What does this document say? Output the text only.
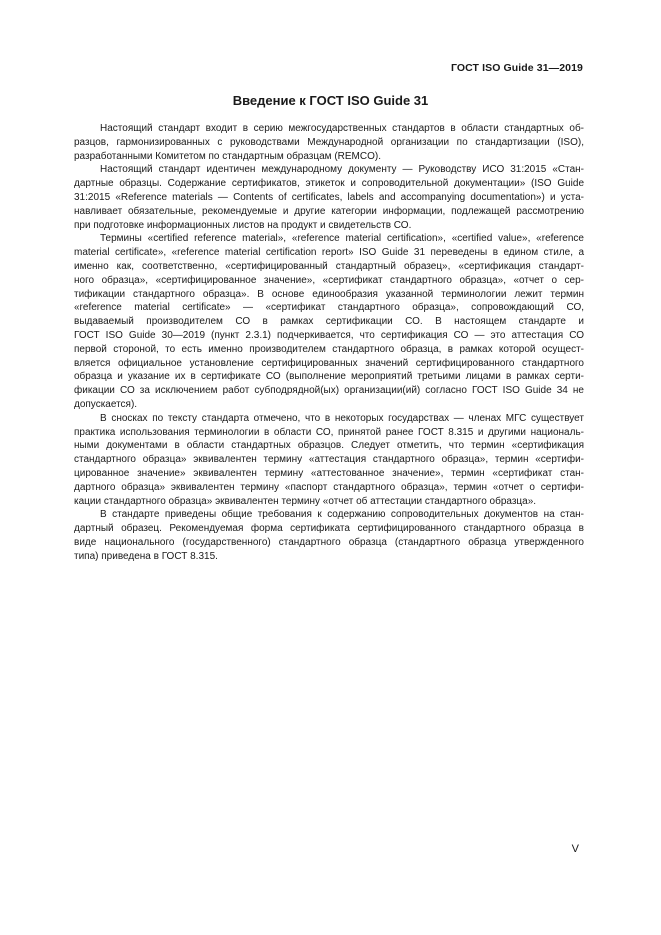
ГОСТ ISO Guide 31—2019
Введение к ГОСТ ISO Guide 31

Настоящий стандарт входит в серию межгосударственных стандартов в области стандартных об-
разцов, гармонизированных с руководствами Международной организации по стандартизации (ISO),
разработанными Комитетом по стандартным образцам (REMCO).

Настоящий стандарт идентичен международному документу — Руководству ИСО 31:2015 «Стан-
дартные образцы. Содержание сертификатов, этикеток и сопроводительной документации» (ISO Guide
31:2015 «Reference materials — Contents of certificates, labels and accompanying documentation») и уста-
навливает обязательные, рекомендуемые и другие категории информации, подлежащей рассмотрению
при подготовке информационных листов на продукт и свидетельств СО.

Термины «certified reference material», «reference material certification», «certified value», «reference
material certificate», «reference material certification report» ISO Guide 31 переведены в едином стиле, а
именно как, соответственно, «сертифицированный стандартный образец», «сертификация стандарт-
ного образца», «сертифицированное значение», «сертификат стандартного образца», «отчет о сер-
тификации стандартного образца». В основе единообразия указанной терминологии лежит термин
«reference material certificate» — «сертификат стандартного образца», сопровождающий СО,
выдаваемый производителем СО в рамках сертификации СО. В настоящем стандарте и
ГОСТ ISO Guide 30—2019 (пункт 2.3.1) подчеркивается, что сертификация СО — это аттестация СО
первой стороной, то есть именно производителем стандартного образца, в рамках которой осущест-
вляется официальное установление сертифицированных значений сертифицированного стандартного
образца и указание их в сертификате СО (выполнение мероприятий третьими лицами в рамках серти-
фикации СО за исключением работ субподрядной(ых) организации(ий) согласно ГОСТ ISO Guide 34 не
допускается).

В сносках по тексту стандарта отмечено, что в некоторых государствах — членах МГС существует
практика использования терминологии в области СО, принятой ранее ГОСТ 8.315 и другими националь-
ными документами в области стандартных образцов. Следует отметить, что термин «сертификация
стандартного образца» эквивалентен термину «аттестация стандартного образца», термин «сертифи-
цированное значение» эквивалентен термину «аттестованное значение», термин «сертификат стан-
дартного образца» эквивалентен термину «паспорт стандартного образца», термин «отчет о сертифи-
кации стандартного образца» эквивалентен термину «отчет об аттестации стандартного образца».

В стандарте приведены общие требования к содержанию сопроводительных документов на стан-
дартный образец. Рекомендуемая форма сертификата сертифицированного стандартного образца в
виде национального (государственного) стандартного образца (стандартного образца утвержденного
типа) приведена в ГОСТ 8.315.

V
